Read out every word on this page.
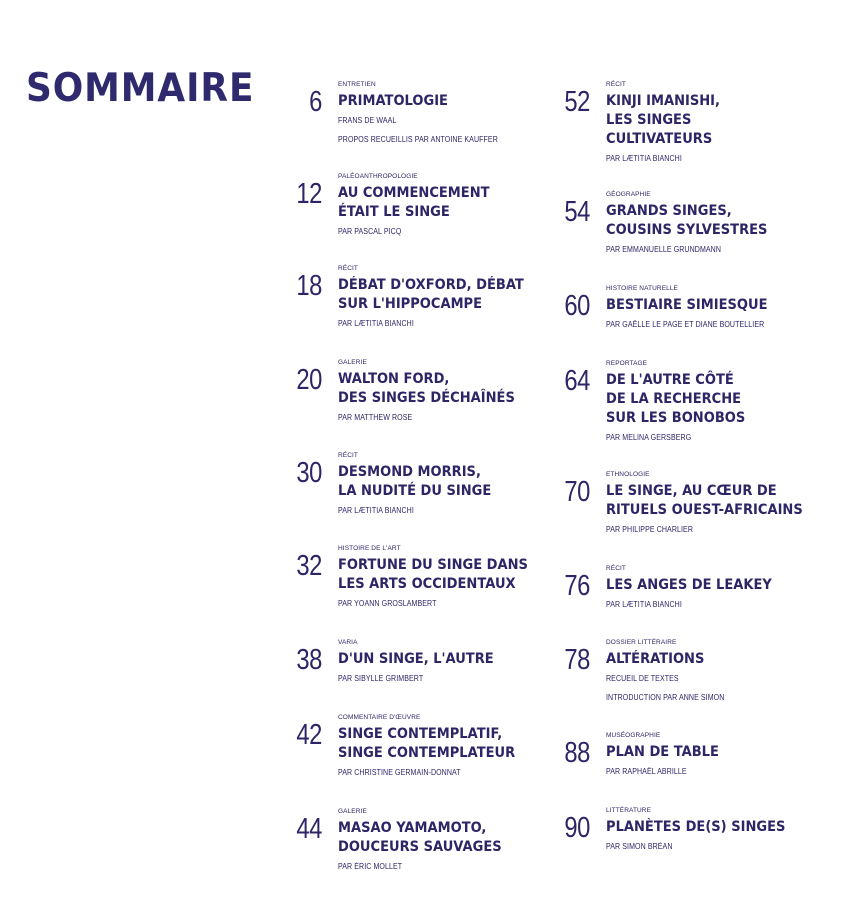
SOMMAIRE	6
ENTRETIEN
PRIMATOLOGIE
FRANS DE WAAL
PROPOS RECUEILLIS PAR ANTOINE KAUFFER
12
PALÉOANTHROPOLOGIE
AU COMMENCEMENT
ÉTAIT LE SINGE
PAR PASCAL PICQ
18
RÉCIT
DÉBAT D'OXFORD, DÉBAT
SUR L'HIPPOCAMPE
PAR LÆTITIA BIANCHI
20
GALERIE
WALTON FORD,
DES SINGES DÉCHAÎNÉS
PAR MATTHEW ROSE
30
RÉCIT
DESMOND MORRIS,
LA NUDITÉ DU SINGE
PAR LÆTITIA BIANCHI
32
HISTOIRE DE L'ART
FORTUNE DU SINGE DANS
LES ARTS OCCIDENTAUX
PAR YOANN GROSLAMBERT
38
VARIA
D'UN SINGE, L'AUTRE
PAR SIBYLLE GRIMBERT
42
COMMENTAIRE D'ŒUVRE
SINGE CONTEMPLATIF,
SINGE CONTEMPLATEUR
PAR CHRISTINE GERMAIN-DONNAT
44
GALERIE
MASAO YAMAMOTO,
DOUCEURS SAUVAGES
PAR ÉRIC MOLLET
52
RÉCIT
KINJI IMANISHI,
LES SINGES
CULTIVATEURS
PAR LÆTITIA BIANCHI
54
GÉOGRAPHIE
GRANDS SINGES,
COUSINS SYLVESTRES
PAR EMMANUELLE GRUNDMANN
60
HISTOIRE NATURELLE
BESTIAIRE SIMIESQUE
PAR GAËLLE LE PAGE ET DIANE BOUTELLIER
64
REPORTAGE
DE L'AUTRE CÔTÉ
DE LA RECHERCHE
SUR LES BONOBOS
PAR MELINA GERSBERG
70
ETHNOLOGIE
LE SINGE, AU CŒUR DE
RITUELS OUEST-AFRICAINS
PAR PHILIPPE CHARLIER
76
RÉCIT
LES ANGES DE LEAKEY
PAR LÆTITIA BIANCHI
78
DOSSIER LITTÉRAIRE
ALTÉRATIONS
RECUEIL DE TEXTES
INTRODUCTION PAR ANNE SIMON
88
MUSÉOGRAPHIE
PLAN DE TABLE
PAR RAPHAËL ABRILLE
90
LITTÉRATURE
PLANÈTES DE(S) SINGES
PAR SIMON BRÉAN
